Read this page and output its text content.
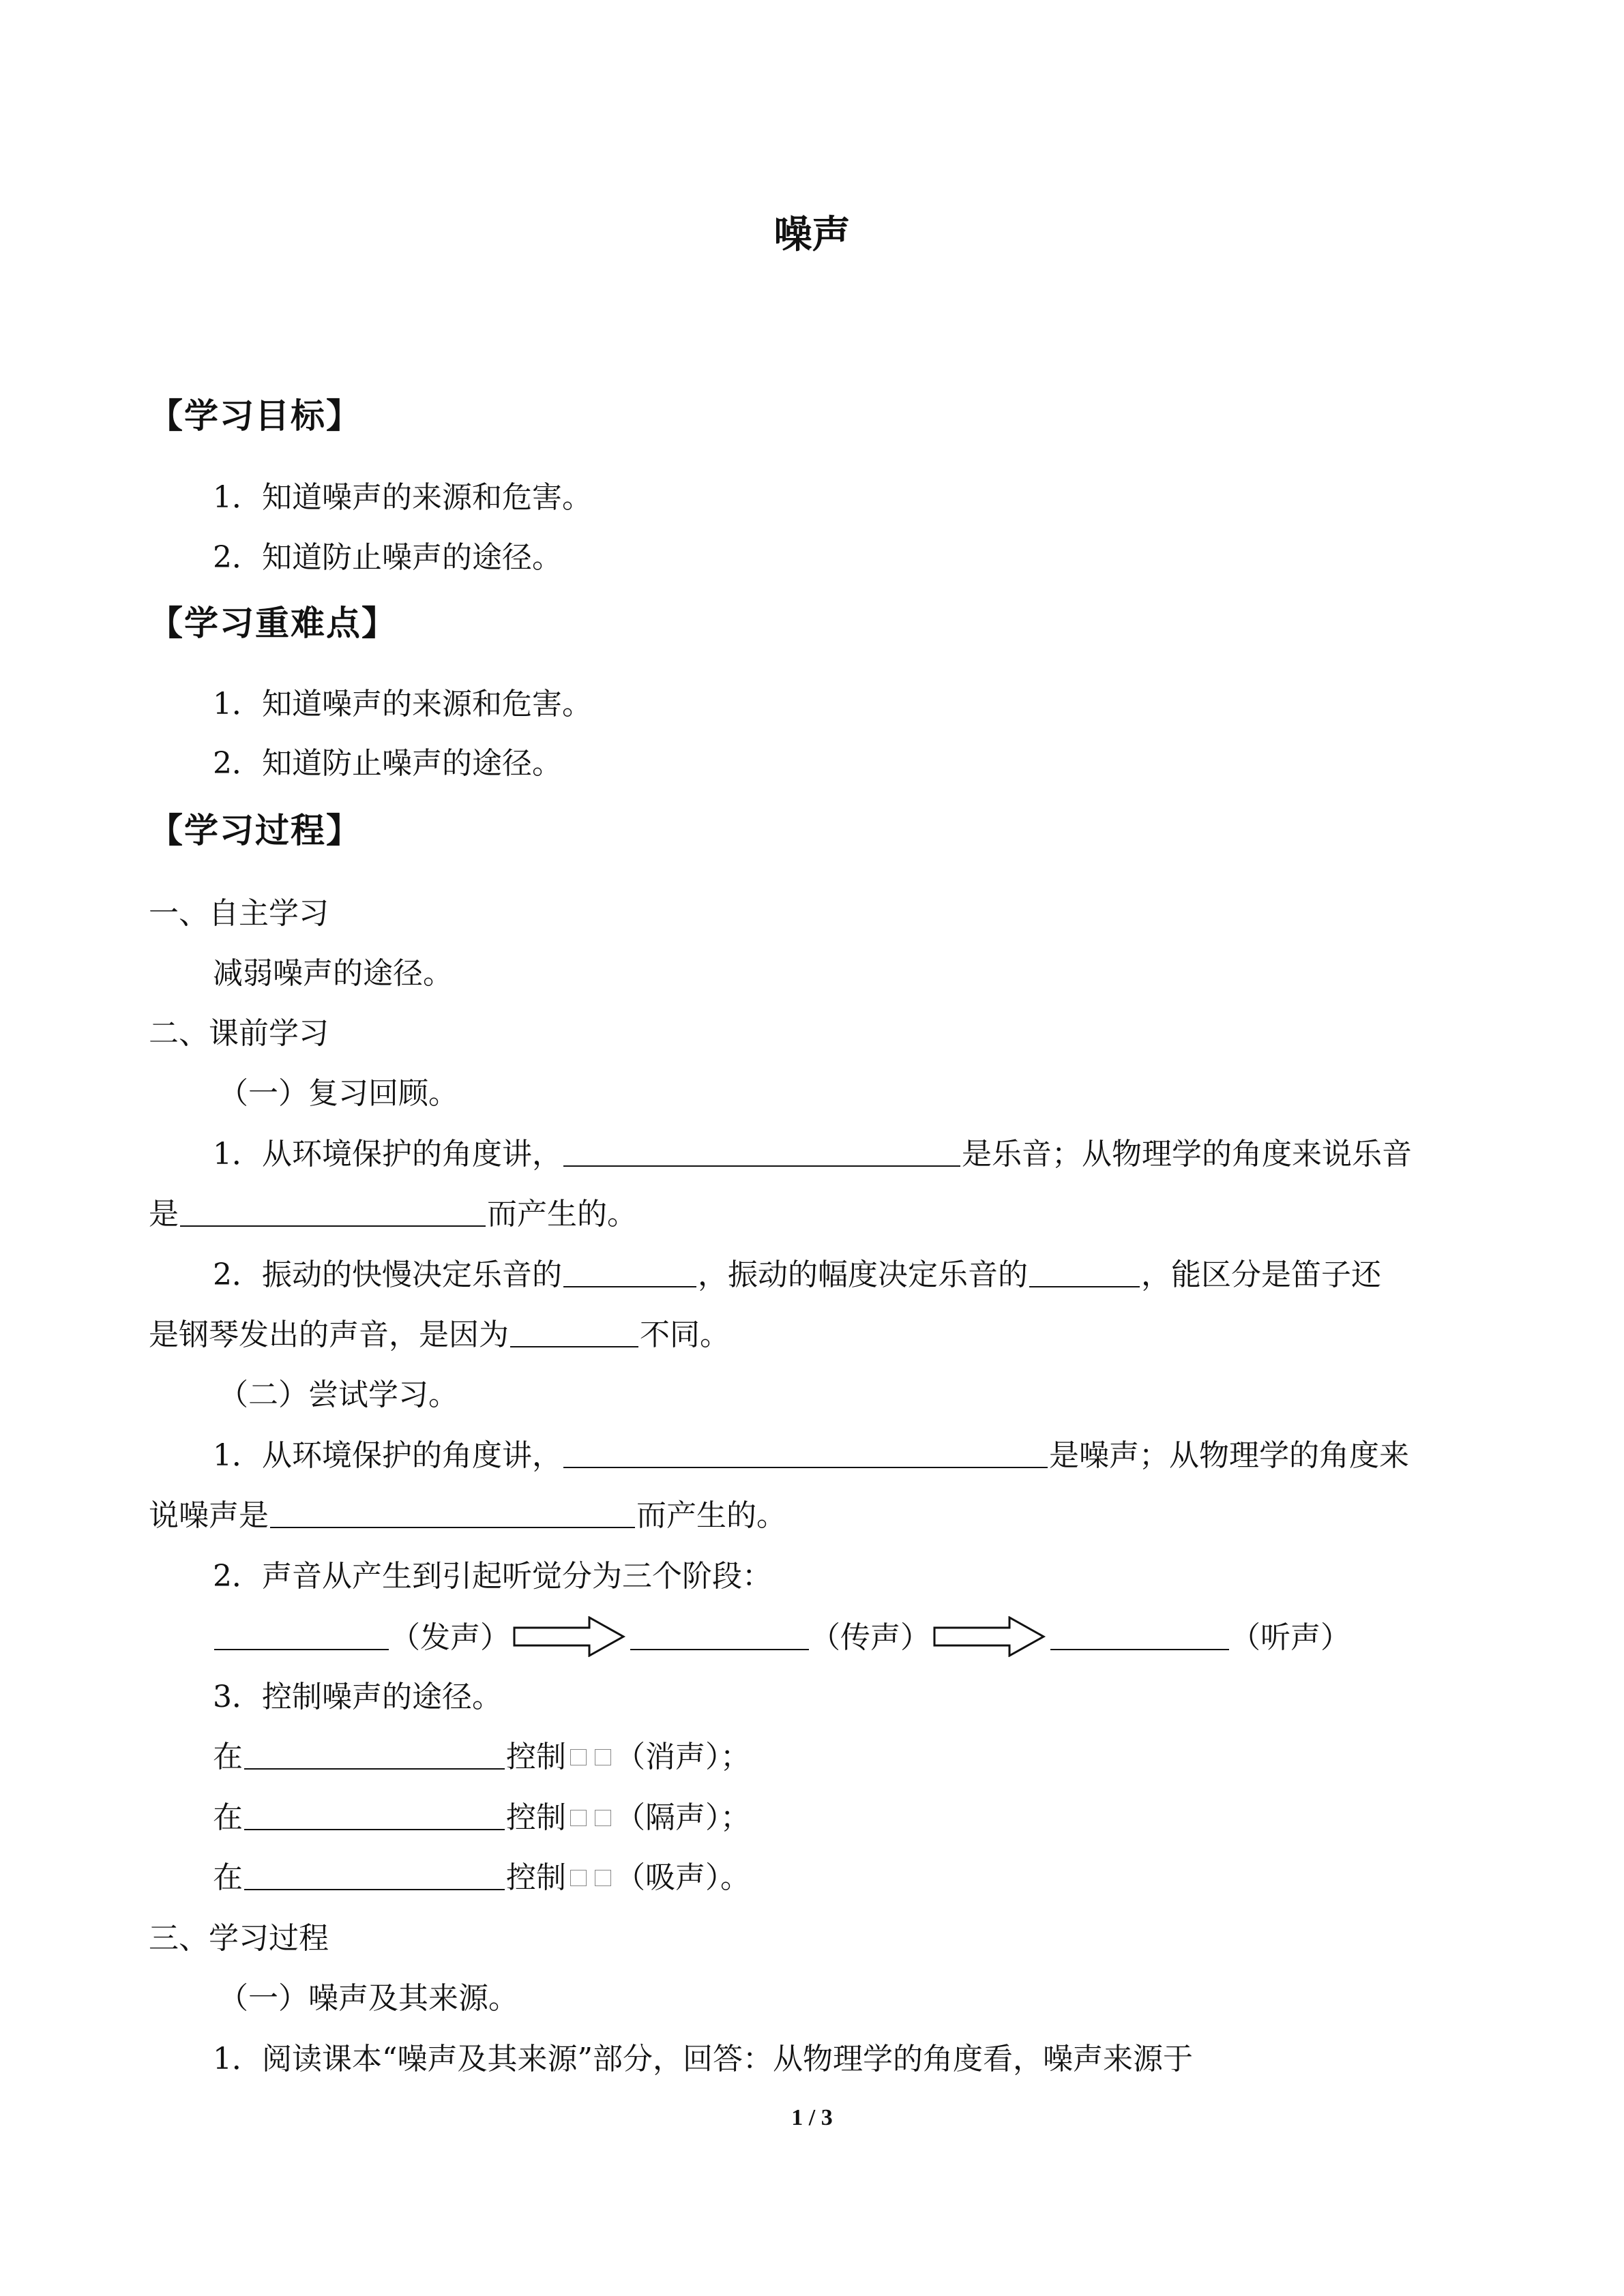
噪声
【学习目标】
1．知道噪声的来源和危害。
2．知道防止噪声的途径。
【学习重难点】
1．知道噪声的来源和危害。
2．知道防止噪声的途径。
【学习过程】
一、自主学习
减弱噪声的途径。
二、课前学习
（一）复习回顾。
1．从环境保护的角度讲，	是乐音；从物理学的角度来说乐音
是	而产生的。
2．振动的快慢决定乐音的	，振动的幅度决定乐音的	，能区分是笛子还
是钢琴发出的声音，是因为	不同。
（二）尝试学习。
1．从环境保护的角度讲，	是噪声；从物理学的角度来
说噪声是	而产生的。
2．声音从产生到引起听觉分为三个阶段：
（发声）	（传声）	（听声）
3．控制噪声的途径。
在	控制 （消声）；
在	控制 （隔声）；
在	控制 （吸声）。
三、学习过程
（一）噪声及其来源。
1．阅读课本“噪声及其来源”部分，回答：从物理学的角度看，噪声来源于
1 / 3
